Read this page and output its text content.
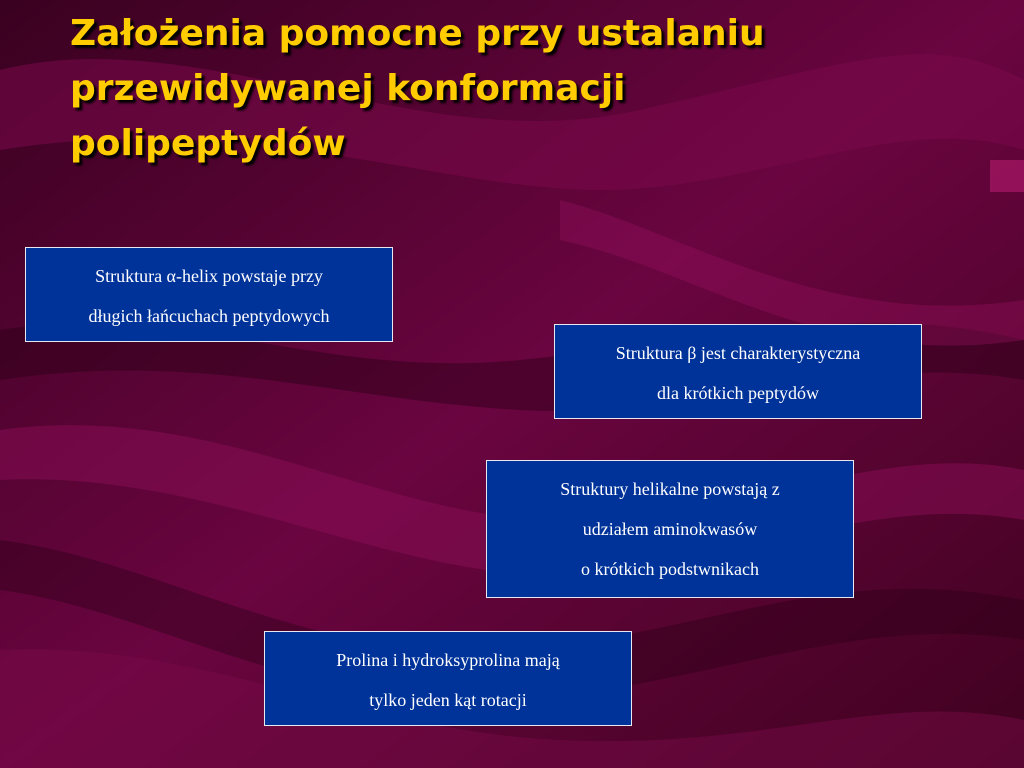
Założenia pomocne przy ustalaniu
przewidywanej konformacji
polipeptydów
Struktura α-helix powstaje przy
długich łańcuchach peptydowych
Struktura β jest charakterystyczna
dla krótkich peptydów
Struktury helikalne powstają z
udziałem aminokwasów
o krótkich podstwnikach
Prolina i hydroksyprolina mają
tylko jeden kąt rotacji
